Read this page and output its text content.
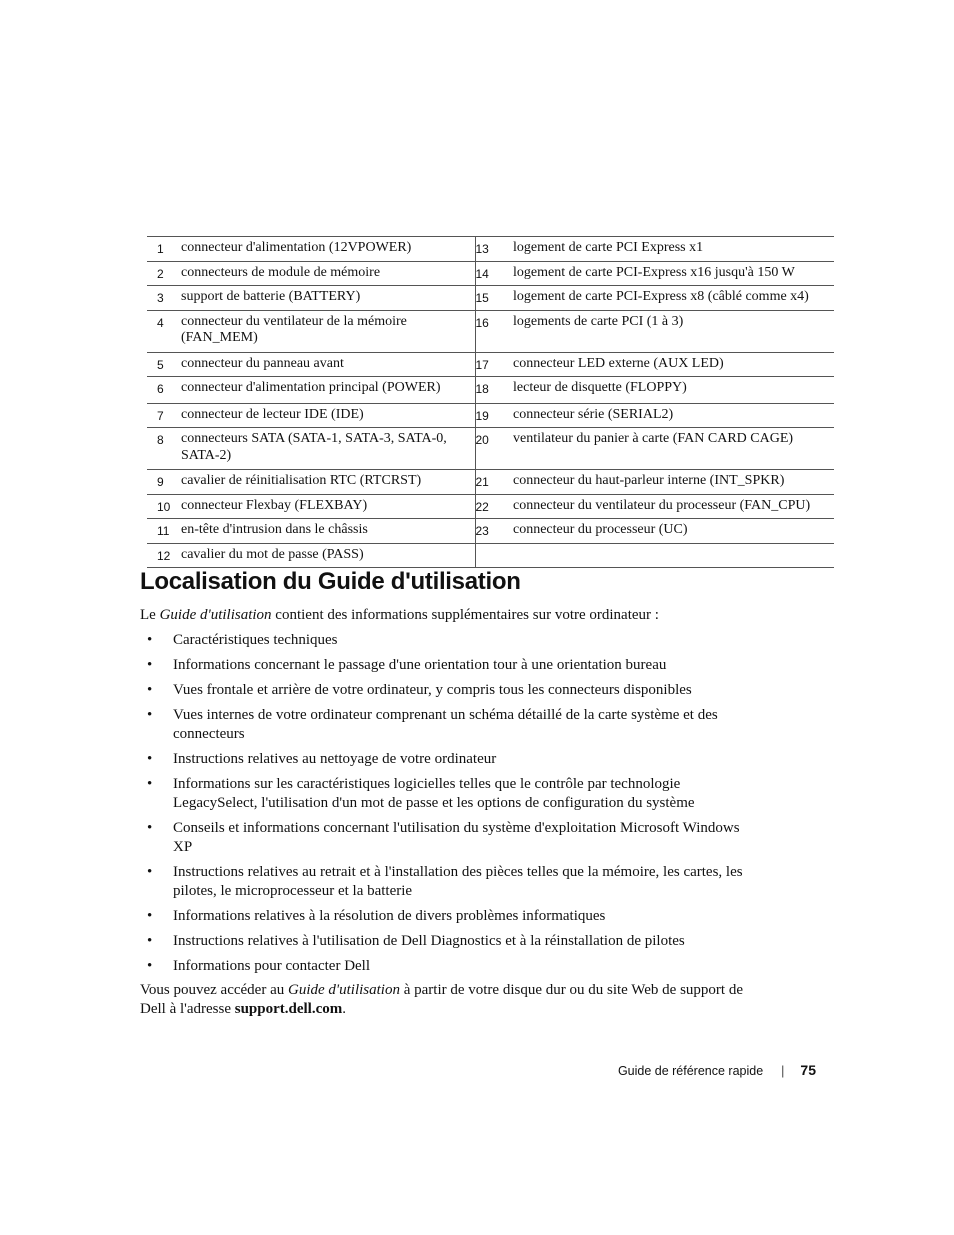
1	connecteur d'alimentation (12VPOWER)	13	logement de carte PCI Express x1
2	connecteurs de module de mémoire	14	logement de carte PCI-Express x16 jusqu'à 150 W
3	support de batterie (BATTERY)	15	logement de carte PCI-Express x8 (câblé comme x4)
4	connecteur du ventilateur de la mémoire (FAN_MEM)	16	logements de carte PCI (1 à 3)
5	connecteur du panneau avant	17	connecteur LED externe (AUX LED)
6	connecteur d'alimentation principal (POWER)	18	lecteur de disquette (FLOPPY)
7	connecteur de lecteur IDE (IDE)	19	connecteur série (SERIAL2)
8	connecteurs SATA (SATA-1, SATA-3, SATA-0, SATA-2)	20	ventilateur du panier à carte (FAN CARD CAGE)
9	cavalier de réinitialisation RTC (RTCRST)	21	connecteur du haut-parleur interne (INT_SPKR)
10	connecteur Flexbay (FLEXBAY)	22	connecteur du ventilateur du processeur (FAN_CPU)
11	en-tête d'intrusion dans le châssis	23	connecteur du processeur (UC)
12	cavalier du mot de passe (PASS)		
Localisation du Guide d'utilisation

Le Guide d'utilisation contient des informations supplémentaires sur votre ordinateur :

• Caractéristiques techniques
• Informations concernant le passage d'une orientation tour à une orientation bureau
• Vues frontale et arrière de votre ordinateur, y compris tous les connecteurs disponibles
• Vues internes de votre ordinateur comprenant un schéma détaillé de la carte système et des connecteurs
• Instructions relatives au nettoyage de votre ordinateur
• Informations sur les caractéristiques logicielles telles que le contrôle par technologie LegacySelect, l'utilisation d'un mot de passe et les options de configuration du système
• Conseils et informations concernant l'utilisation du système d'exploitation Microsoft Windows XP
• Instructions relatives au retrait et à l'installation des pièces telles que la mémoire, les cartes, les pilotes, le microprocesseur et la batterie
• Informations relatives à la résolution de divers problèmes informatiques
• Instructions relatives à l'utilisation de Dell Diagnostics et à la réinstallation de pilotes
• Informations pour contacter Dell

Vous pouvez accéder au Guide d'utilisation à partir de votre disque dur ou du site Web de support de Dell à l'adresse support.dell.com.

Guide de référence rapide | 75
